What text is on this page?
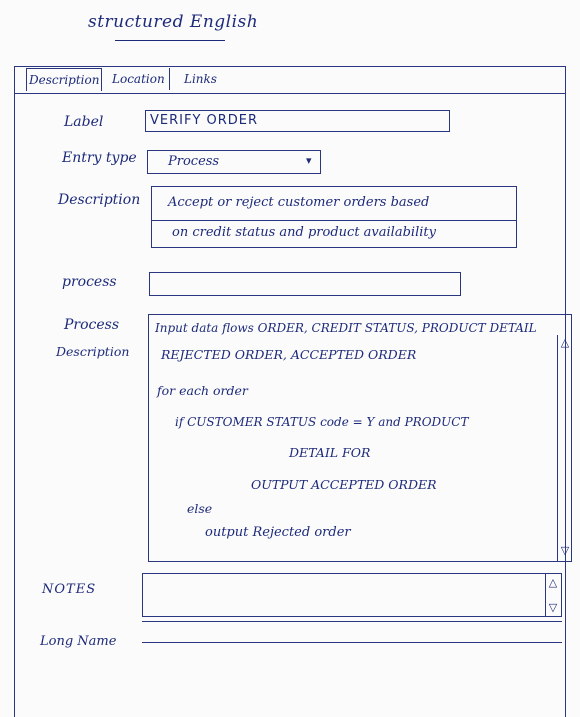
structured English
Description Location	Links
Label	VERIFY ORDER
Entry type Process	▾
Description Accept or reject customer orders based
on credit status and product availability
process
Process
Description
Input data flows ORDER, CREDIT STATUS, PRODUCT DETAIL
REJECTED ORDER, ACCEPTED ORDER
for each order
if CUSTOMER STATUS code = Y and PRODUCT
DETAIL FOR
OUTPUT ACCEPTED ORDER
else
output Rejected order
△
▽
NOTES	△
▽
Long Name
